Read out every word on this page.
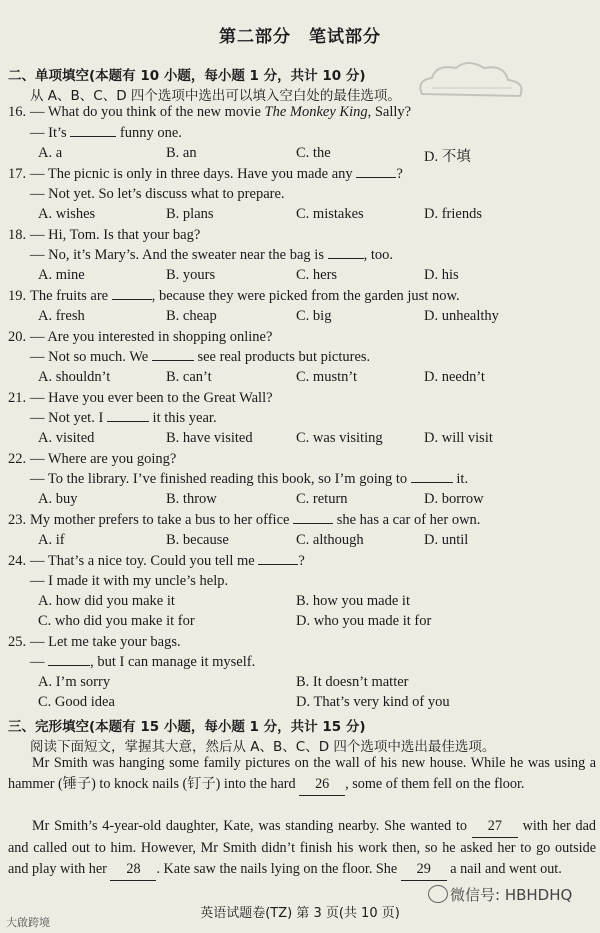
第二部分　笔试部分
二、单项填空(本题有 10 小题，每小题 1 分，共计 10 分)
从 A、B、C、D 四个选项中选出可以填入空白处的最佳选项。
16. — What do you think of the new movie The Monkey King, Sally?
— It’s	funny one.
A. a	B. an	C. the	D. 不填
17. — The picnic is only in three days. Have you made any	?
— Not yet. So let’s discuss what to prepare.
A. wishes	B. plans	C. mistakes	D. friends
18. — Hi, Tom. Is that your bag?
— No, it’s Mary’s. And the sweater near the bag is	, too.
A. mine	B. yours	C. hers	D. his
19. The fruits are	, because they were picked from the garden just now.
A. fresh	B. cheap	C. big	D. unhealthy
20. — Are you interested in shopping online?
— Not so much. We	see real products but pictures.
A. shouldn’t	B. can’t	C. mustn’t	D. needn’t
21. — Have you ever been to the Great Wall?
— Not yet. I	it this year.
A. visited	B. have visited	C. was visiting	D. will visit
22. — Where are you going?
— To the library. I’ve finished reading this book, so I’m going to	it.
A. buy	B. throw	C. return	D. borrow
23. My mother prefers to take a bus to her office	she has a car of her own.
A. if	B. because	C. although	D. until
24. — That’s a nice toy. Could you tell me	?
— I made it with my uncle’s help.
A. how did you make it	B. how you made it
C. who did you make it for	D. who you made it for
25. — Let me take your bags.
—	, but I can manage it myself.
A. I’m sorry	B. It doesn’t matter
C. Good idea	D. That’s very kind of you
三、完形填空(本题有 15 小题，每小题 1 分，共计 15 分)
阅读下面短文，掌握其大意，然后从 A、B、C、D 四个选项中选出最佳选项。
Mr Smith was hanging some family pictures on the wall of his new house. While he was using a hammer (锤子) to knock nails (钉子) into the hard 26 , some of them fell on the floor.
Mr Smith’s 4-year-old daughter, Kate, was standing nearby. She wanted to 27 with her dad and called out to him. However, Mr Smith didn’t finish his work then, so he asked her to go outside and play with her 28 . Kate saw the nails lying on the floor. She 29 a nail and went out.
英语试题卷(TZ) 第 3 页(共 10 页)
大啟跨境
微信号: HBHDHQ
